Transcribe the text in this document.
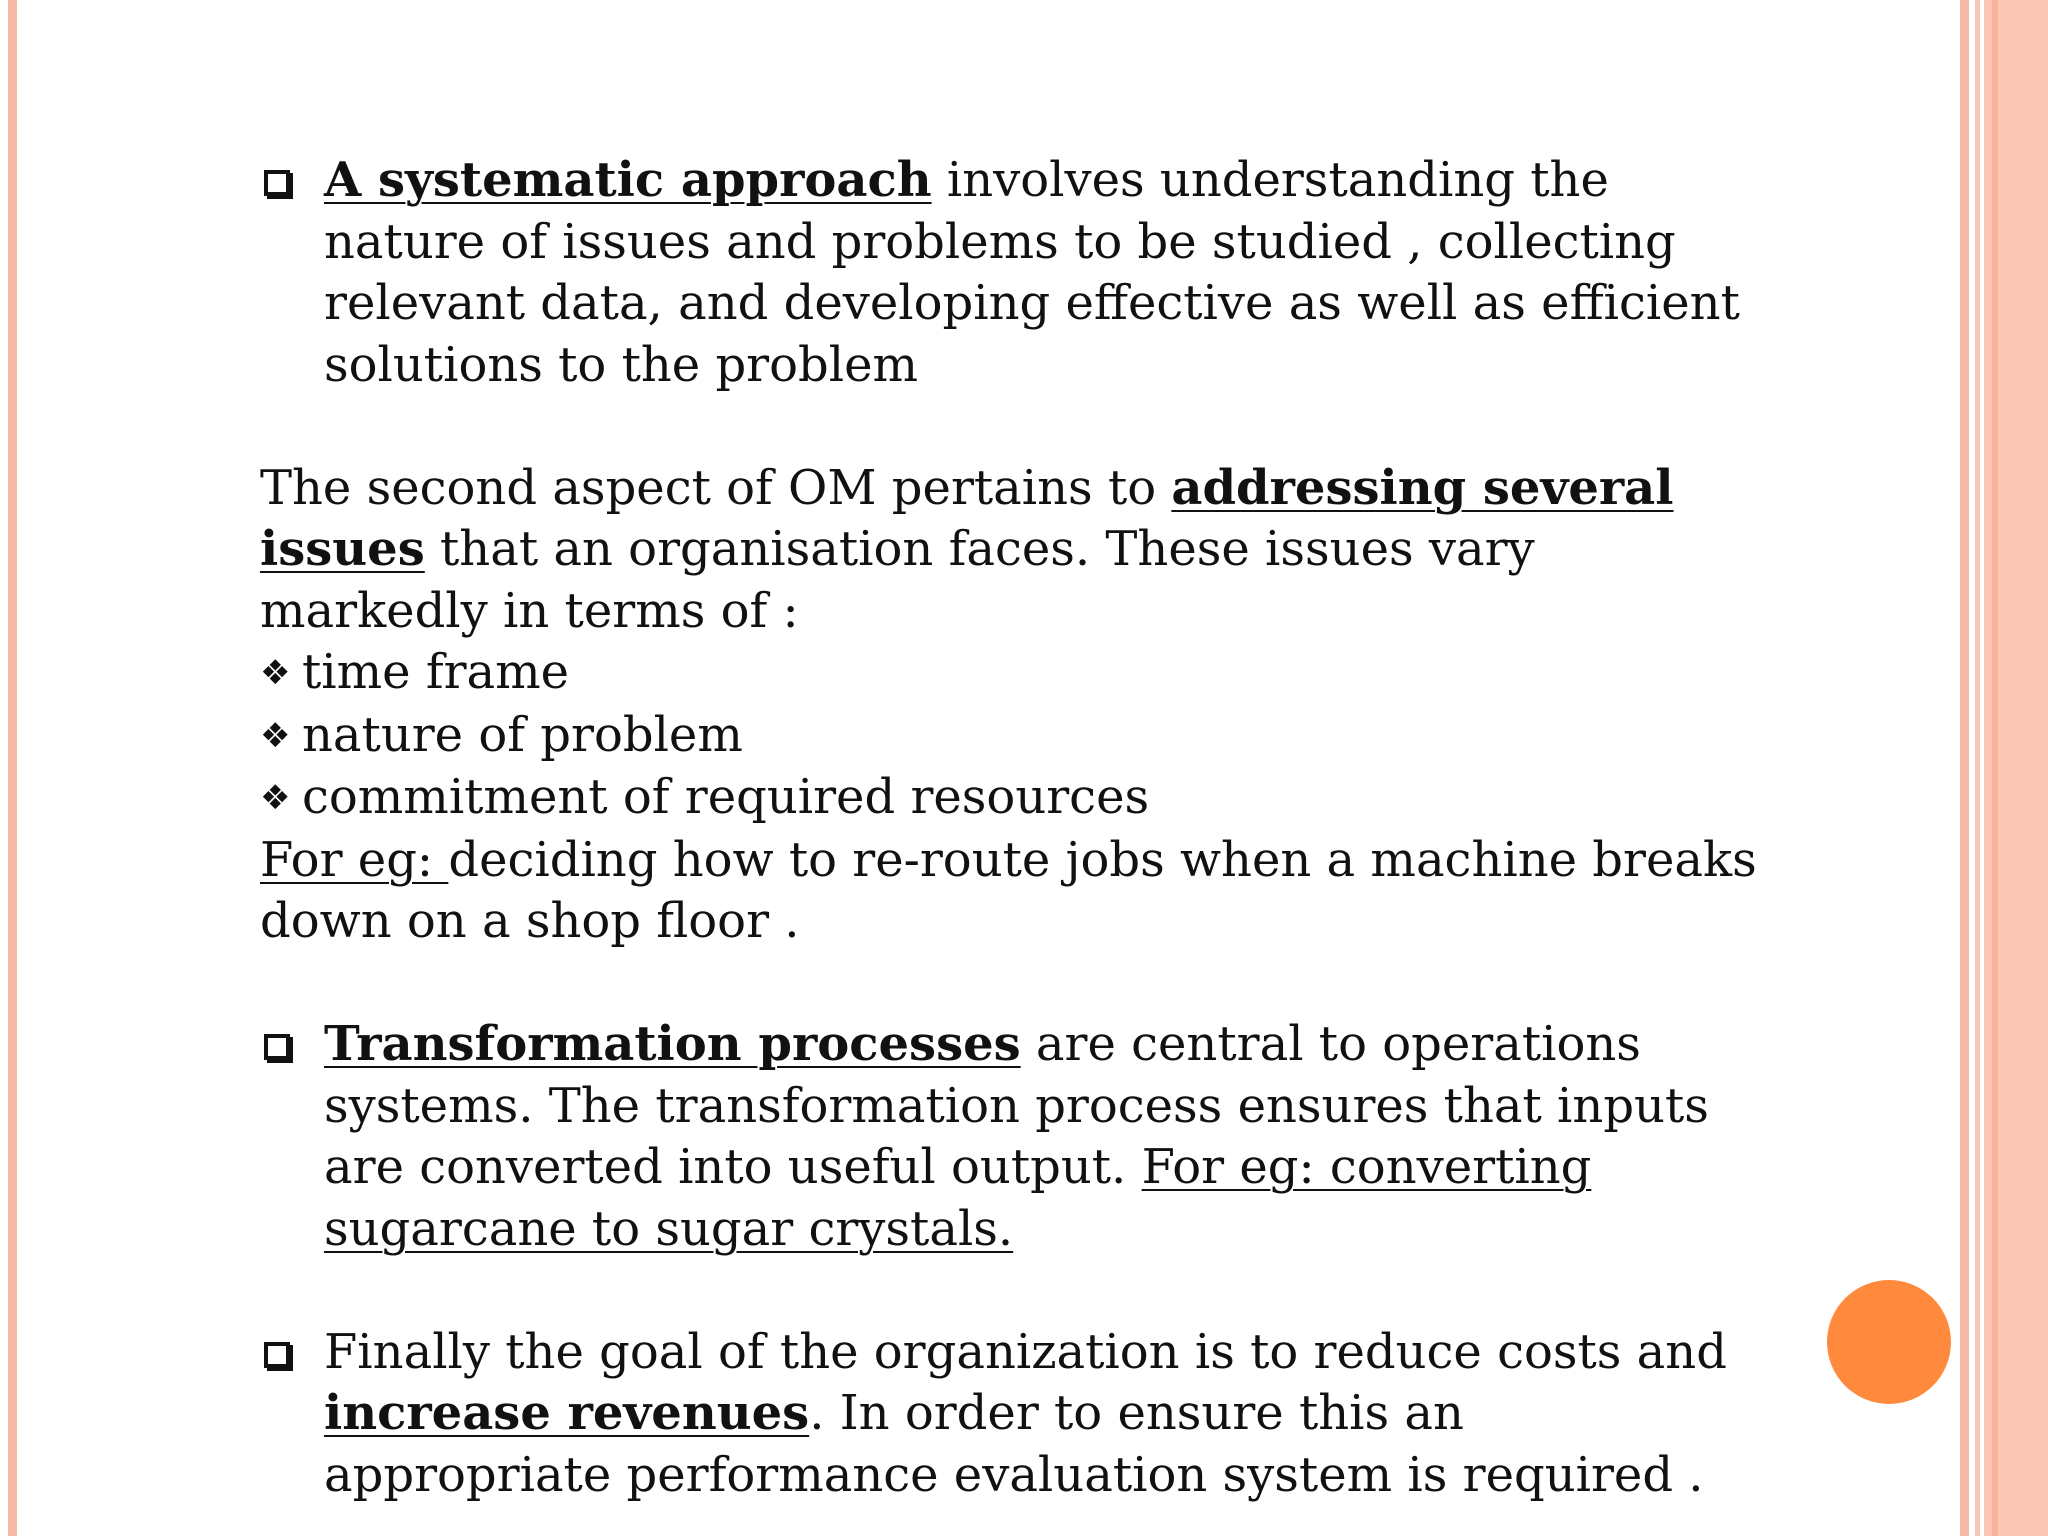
A systematic approach involves understanding the nature of issues and problems to be studied , collecting relevant data, and developing effective as well as efficient solutions to the problem

The second aspect of OM pertains to addressing several issues that an organisation faces. These issues vary markedly in terms of :

❖ time frame
❖ nature of problem
❖ commitment of required resources

For eg: deciding how to re-route jobs when a machine breaks down on a shop floor .

Transformation processes are central to operations systems. The transformation process ensures that inputs are converted into useful output. For eg: converting sugarcane to sugar crystals.

Finally the goal of the organization is to reduce costs and increase revenues. In order to ensure this an appropriate performance evaluation system is required .
